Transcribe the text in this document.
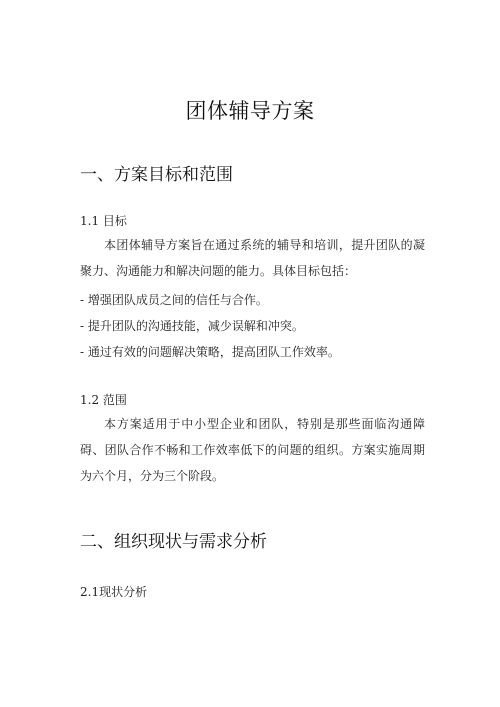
团体辅导方案
一、方案目标和范围
1.1 目标
本团体辅导方案旨在通过系统的辅导和培训，提升团队的凝聚力、沟通能力和解决问题的能力。具体目标包括：
- 增强团队成员之间的信任与合作。
- 提升团队的沟通技能，减少误解和冲突。
- 通过有效的问题解决策略，提高团队工作效率。
1.2 范围
本方案适用于中小型企业和团队，特别是那些面临沟通障碍、团队合作不畅和工作效率低下的问题的组织。方案实施周期为六个月，分为三个阶段。
二、组织现状与需求分析
2.1现状分析
